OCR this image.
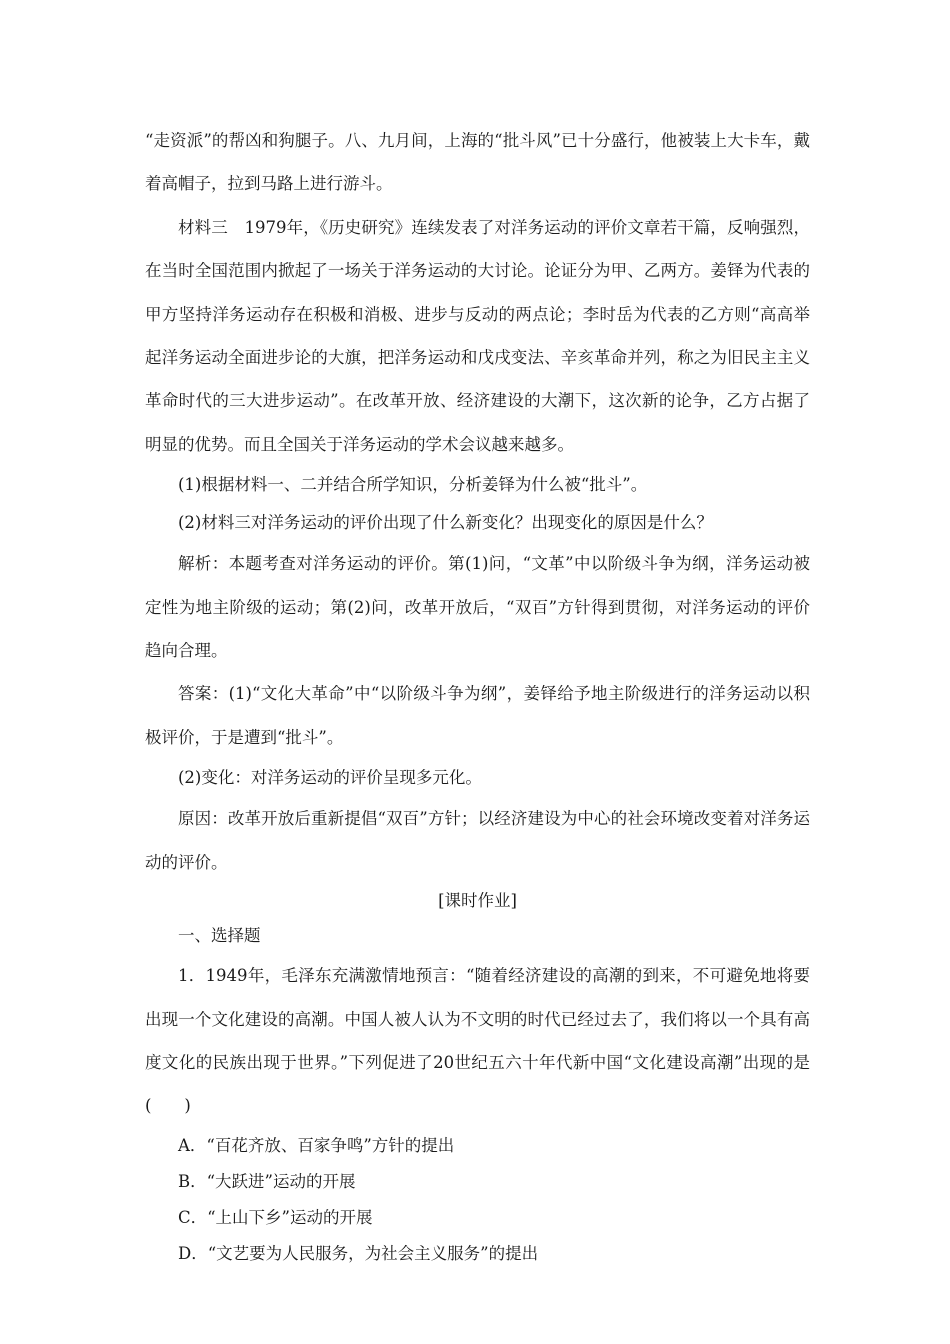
“走资派”的帮凶和狗腿子。八、九月间，上海的“批斗风”已十分盛行，他被装上大卡车，戴着高帽子，拉到马路上进行游斗。

材料三　1979年，《历史研究》连续发表了对洋务运动的评价文章若干篇，反响强烈，在当时全国范围内掀起了一场关于洋务运动的大讨论。论证分为甲、乙两方。姜铎为代表的甲方坚持洋务运动存在积极和消极、进步与反动的两点论；李时岳为代表的乙方则“高高举起洋务运动全面进步论的大旗，把洋务运动和戊戌变法、辛亥革命并列，称之为旧民主主义革命时代的三大进步运动”。在改革开放、经济建设的大潮下，这次新的论争，乙方占据了明显的优势。而且全国关于洋务运动的学术会议越来越多。

(1)根据材料一、二并结合所学知识，分析姜铎为什么被“批斗”。

(2)材料三对洋务运动的评价出现了什么新变化？出现变化的原因是什么？

解析：本题考查对洋务运动的评价。第(1)问，“文革”中以阶级斗争为纲，洋务运动被定性为地主阶级的运动；第(2)问，改革开放后，“双百”方针得到贯彻，对洋务运动的评价趋向合理。

答案：(1)“文化大革命”中“以阶级斗争为纲”，姜铎给予地主阶级进行的洋务运动以积极评价，于是遭到“批斗”。

(2)变化：对洋务运动的评价呈现多元化。

原因：改革开放后重新提倡“双百”方针；以经济建设为中心的社会环境改变着对洋务运动的评价。

[课时作业]

一、选择题

1．1949年，毛泽东充满激情地预言：“随着经济建设的高潮的到来，不可避免地将要出现一个文化建设的高潮。中国人被人认为不文明的时代已经过去了，我们将以一个具有高度文化的民族出现于世界。”下列促进了20世纪五六十年代新中国“文化建设高潮”出现的是(　　)

A．“百花齐放、百家争鸣”方针的提出

B．“大跃进”运动的开展

C．“上山下乡”运动的开展

D．“文艺要为人民服务，为社会主义服务”的提出
